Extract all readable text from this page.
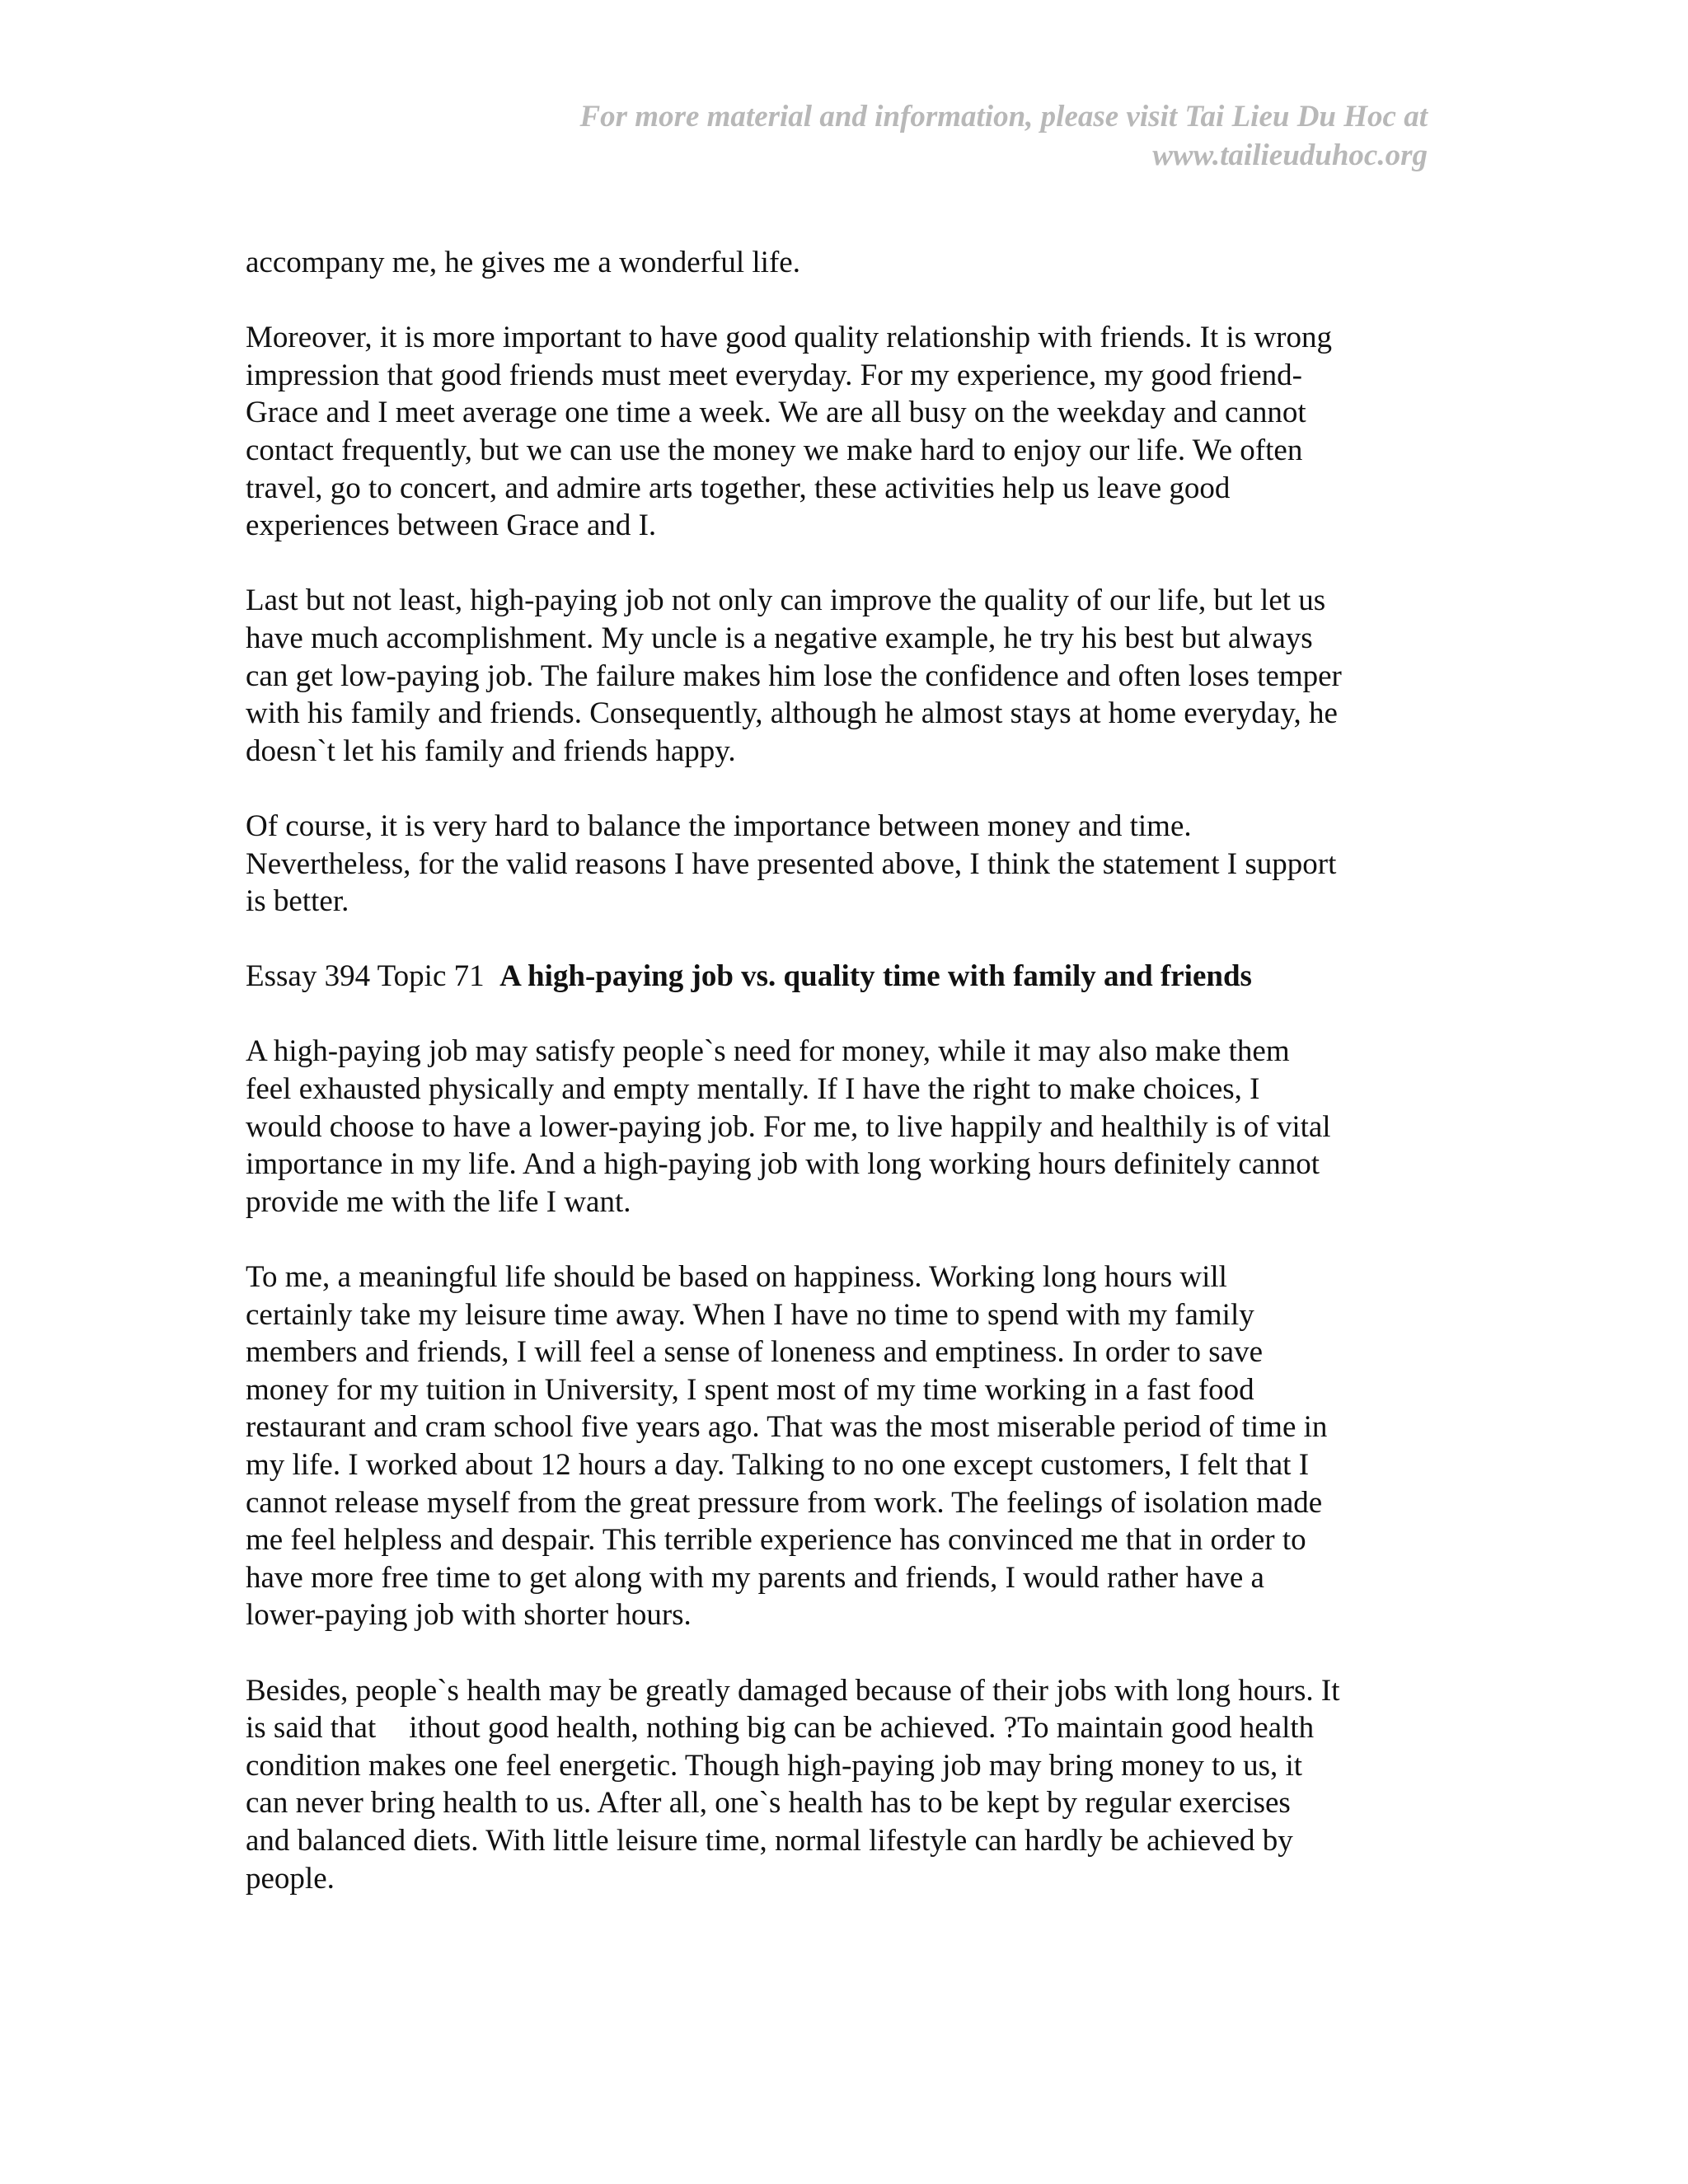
For more material and information, please visit Tai Lieu Du Hoc at
www.tailieuduhoc.org

accompany me, he gives me a wonderful life.

Moreover, it is more important to have good quality relationship with friends. It is wrong
impression that good friends must meet everyday. For my experience, my good friend-
Grace and I meet average one time a week. We are all busy on the weekday and cannot
contact frequently, but we can use the money we make hard to enjoy our life. We often
travel, go to concert, and admire arts together, these activities help us leave good
experiences between Grace and I.

Last but not least, high-paying job not only can improve the quality of our life, but let us
have much accomplishment. My uncle is a negative example, he try his best but always
can get low-paying job. The failure makes him lose the confidence and often loses temper
with his family and friends. Consequently, although he almost stays at home everyday, he
doesn`t let his family and friends happy.

Of course, it is very hard to balance the importance between money and time.
Nevertheless, for the valid reasons I have presented above, I think the statement I support
is better.

Essay 394 Topic 71 A high-paying job vs. quality time with family and friends

A high-paying job may satisfy people`s need for money, while it may also make them
feel exhausted physically and empty mentally. If I have the right to make choices, I
would choose to have a lower-paying job. For me, to live happily and healthily is of vital
importance in my life. And a high-paying job with long working hours definitely cannot
provide me with the life I want.

To me, a meaningful life should be based on happiness. Working long hours will
certainly take my leisure time away. When I have no time to spend with my family
members and friends, I will feel a sense of loneness and emptiness. In order to save
money for my tuition in University, I spent most of my time working in a fast food
restaurant and cram school five years ago. That was the most miserable period of time in
my life. I worked about 12 hours a day. Talking to no one except customers, I felt that I
cannot release myself from the great pressure from work. The feelings of isolation made
me feel helpless and despair. This terrible experience has convinced me that in order to
have more free time to get along with my parents and friends, I would rather have a
lower-paying job with shorter hours.

Besides, people`s health may be greatly damaged because of their jobs with long hours. It
is said that ithout good health, nothing big can be achieved. ?To maintain good health
condition makes one feel energetic. Though high-paying job may bring money to us, it
can never bring health to us. After all, one`s health has to be kept by regular exercises
and balanced diets. With little leisure time, normal lifestyle can hardly be achieved by
people.
